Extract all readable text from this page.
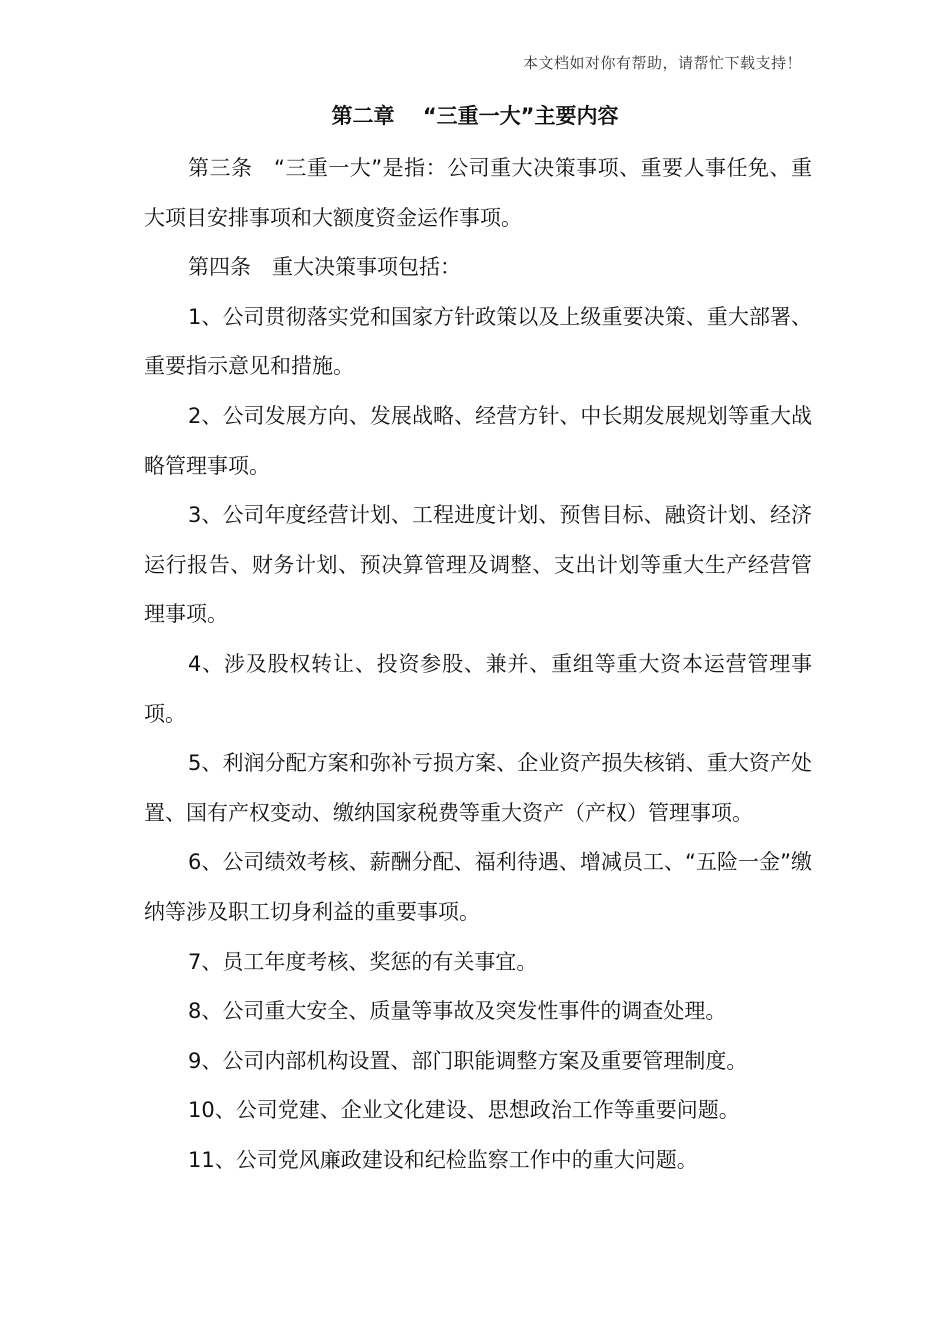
本文档如对你有帮助，请帮忙下载支持！
第二章　 “三重一大”主要内容

第三条　“三重一大”是指：公司重大决策事项、重要人事任免、重大项目安排事项和大额度资金运作事项。

第四条　重大决策事项包括：

1、公司贯彻落实党和国家方针政策以及上级重要决策、重大部署、重要指示意见和措施。

2、公司发展方向、发展战略、经营方针、中长期发展规划等重大战略管理事项。

3、公司年度经营计划、工程进度计划、预售目标、融资计划、经济运行报告、财务计划、预决算管理及调整、支出计划等重大生产经营管理事项。

4、涉及股权转让、投资参股、兼并、重组等重大资本运营管理事项。

5、利润分配方案和弥补亏损方案、企业资产损失核销、重大资产处置、国有产权变动、缴纳国家税费等重大资产（产权）管理事项。

6、公司绩效考核、薪酬分配、福利待遇、增减员工、“五险一金”缴纳等涉及职工切身利益的重要事项。

7、员工年度考核、奖惩的有关事宜。

8、公司重大安全、质量等事故及突发性事件的调查处理。

9、公司内部机构设置、部门职能调整方案及重要管理制度。

10、公司党建、企业文化建设、思想政治工作等重要问题。

11、公司党风廉政建设和纪检监察工作中的重大问题。
